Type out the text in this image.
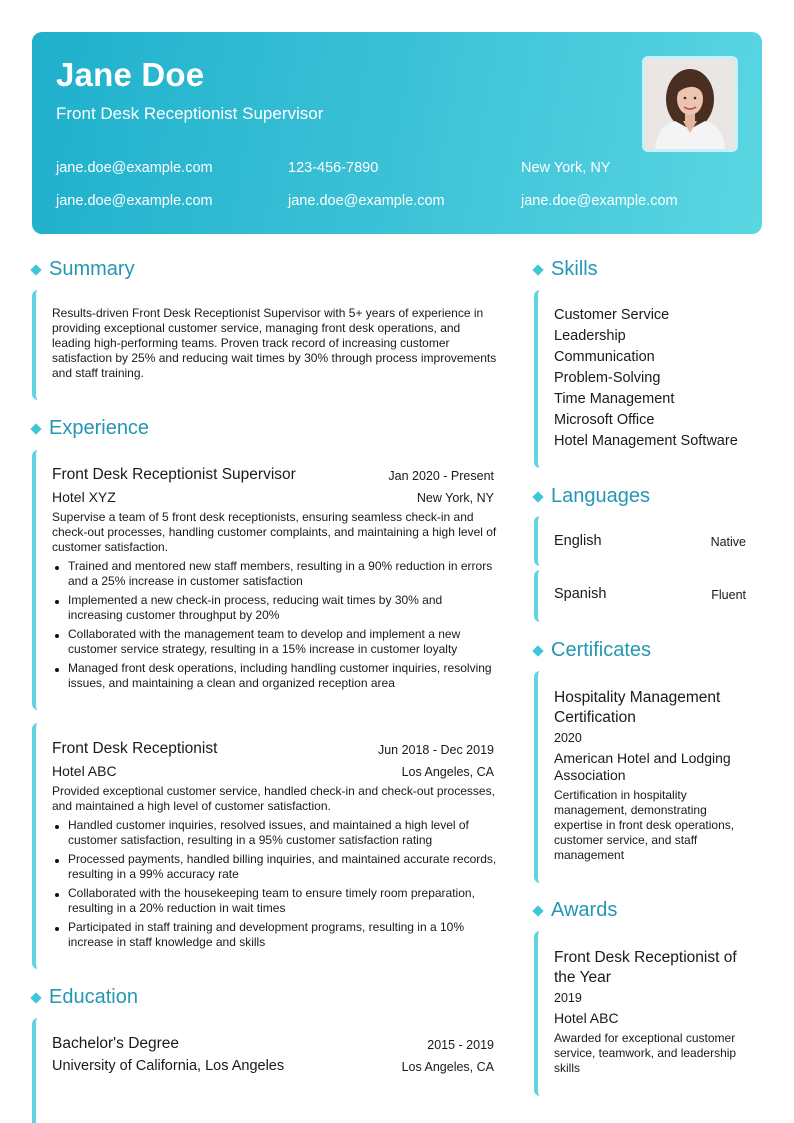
Jane Doe
Front Desk Receptionist Supervisor
jane.doe@example.com	123-456-7890	New York, NY
jane.doe@example.com	jane.doe@example.com	jane.doe@example.com
Summary
Results-driven Front Desk Receptionist Supervisor with 5+ years of experience in providing exceptional customer service, managing front desk operations, and leading high-performing teams. Proven track record of increasing customer satisfaction by 25% and reducing wait times by 30% through process improvements and staff training.
Experience
Front Desk Receptionist Supervisor	Jan 2020 - Present
Hotel XYZ	New York, NY
Supervise a team of 5 front desk receptionists, ensuring seamless check-in and check-out processes, handling customer complaints, and maintaining a high level of customer satisfaction.
Trained and mentored new staff members, resulting in a 90% reduction in errors and a 25% increase in customer satisfaction
Implemented a new check-in process, reducing wait times by 30% and increasing customer throughput by 20%
Collaborated with the management team to develop and implement a new customer service strategy, resulting in a 15% increase in customer loyalty
Managed front desk operations, including handling customer inquiries, resolving issues, and maintaining a clean and organized reception area
Front Desk Receptionist	Jun 2018 - Dec 2019
Hotel ABC	Los Angeles, CA
Provided exceptional customer service, handled check-in and check-out processes, and maintained a high level of customer satisfaction.
Handled customer inquiries, resolved issues, and maintained a high level of customer satisfaction, resulting in a 95% customer satisfaction rating
Processed payments, handled billing inquiries, and maintained accurate records, resulting in a 99% accuracy rate
Collaborated with the housekeeping team to ensure timely room preparation, resulting in a 20% reduction in wait times
Participated in staff training and development programs, resulting in a 10% increase in staff knowledge and skills
Education
Bachelor's Degree	2015 - 2019
University of California, Los Angeles	Los Angeles, CA
Skills
Customer Service
Leadership
Communication
Problem-Solving
Time Management
Microsoft Office
Hotel Management Software
Languages
English	Native
Spanish	Fluent
Certificates
Hospitality Management Certification
2020
American Hotel and Lodging Association
Certification in hospitality management, demonstrating expertise in front desk operations, customer service, and staff management
Awards
Front Desk Receptionist of the Year
2019
Hotel ABC
Awarded for exceptional customer service, teamwork, and leadership skills
